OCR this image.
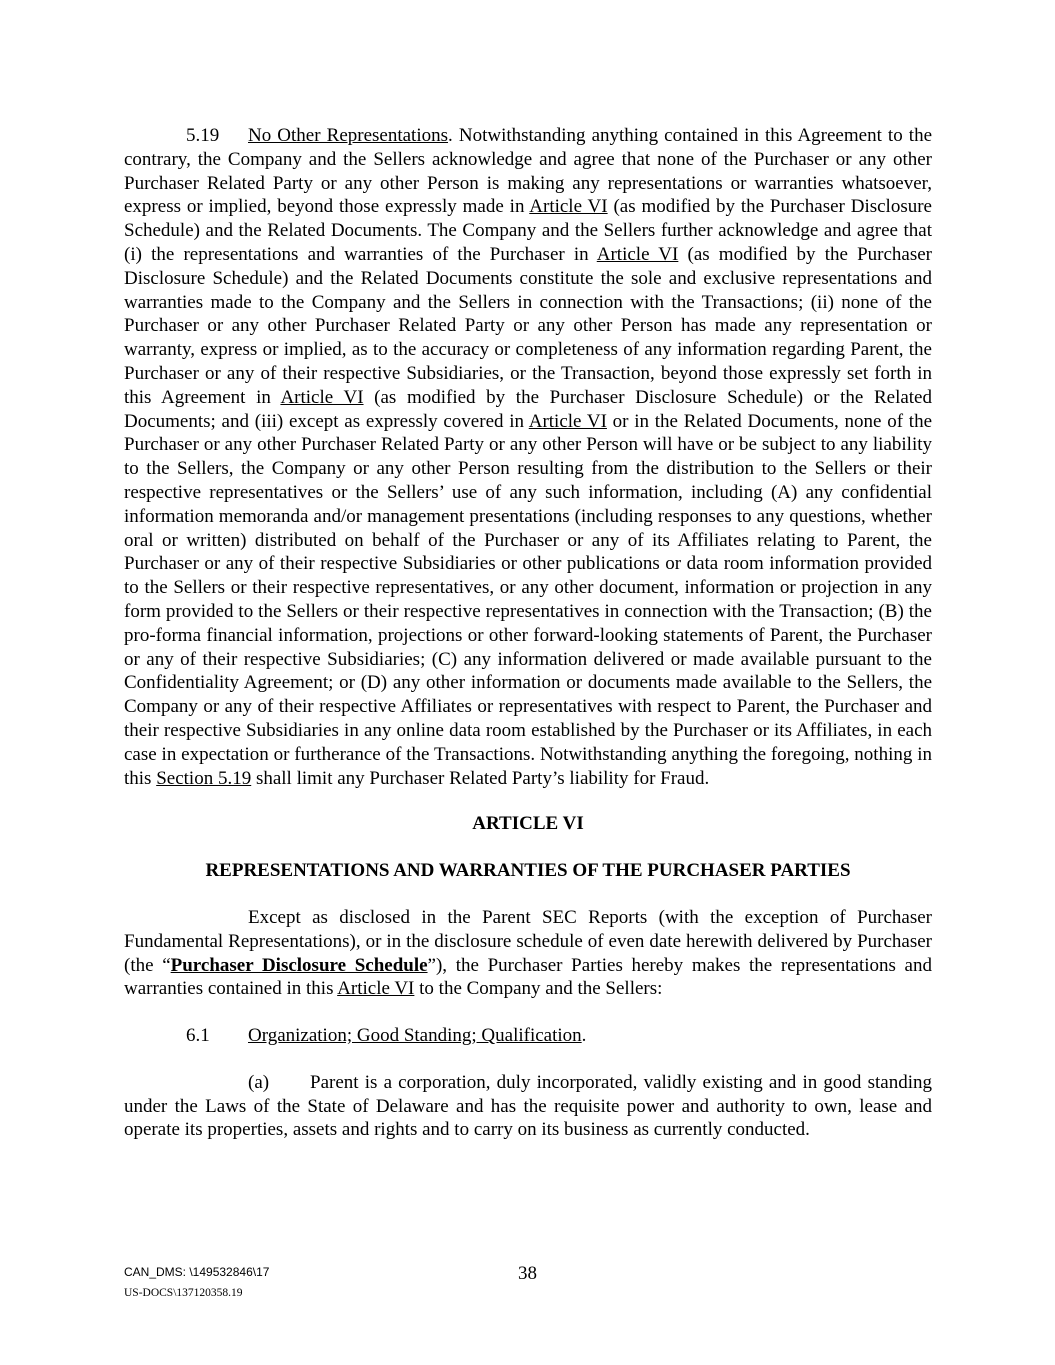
5.19 No Other Representations. Notwithstanding anything contained in this Agreement to the contrary, the Company and the Sellers acknowledge and agree that none of the Purchaser or any other Purchaser Related Party or any other Person is making any representations or warranties whatsoever, express or implied, beyond those expressly made in Article VI (as modified by the Purchaser Disclosure Schedule) and the Related Documents. The Company and the Sellers further acknowledge and agree that (i) the representations and warranties of the Purchaser in Article VI (as modified by the Purchaser Disclosure Schedule) and the Related Documents constitute the sole and exclusive representations and warranties made to the Company and the Sellers in connection with the Transactions; (ii) none of the Purchaser or any other Purchaser Related Party or any other Person has made any representation or warranty, express or implied, as to the accuracy or completeness of any information regarding Parent, the Purchaser or any of their respective Subsidiaries, or the Transaction, beyond those expressly set forth in this Agreement in Article VI (as modified by the Purchaser Disclosure Schedule) or the Related Documents; and (iii) except as expressly covered in Article VI or in the Related Documents, none of the Purchaser or any other Purchaser Related Party or any other Person will have or be subject to any liability to the Sellers, the Company or any other Person resulting from the distribution to the Sellers or their respective representatives or the Sellers’ use of any such information, including (A) any confidential information memoranda and/or management presentations (including responses to any questions, whether oral or written) distributed on behalf of the Purchaser or any of its Affiliates relating to Parent, the Purchaser or any of their respective Subsidiaries or other publications or data room information provided to the Sellers or their respective representatives, or any other document, information or projection in any form provided to the Sellers or their respective representatives in connection with the Transaction; (B) the pro-forma financial information, projections or other forward-looking statements of Parent, the Purchaser or any of their respective Subsidiaries; (C) any information delivered or made available pursuant to the Confidentiality Agreement; or (D) any other information or documents made available to the Sellers, the Company or any of their respective Affiliates or representatives with respect to Parent, the Purchaser and their respective Subsidiaries in any online data room established by the Purchaser or its Affiliates, in each case in expectation or furtherance of the Transactions. Notwithstanding anything the foregoing, nothing in this Section 5.19 shall limit any Purchaser Related Party’s liability for Fraud.

ARTICLE VI
REPRESENTATIONS AND WARRANTIES OF THE PURCHASER PARTIES

Except as disclosed in the Parent SEC Reports (with the exception of Purchaser Fundamental Representations), or in the disclosure schedule of even date herewith delivered by Purchaser (the “Purchaser Disclosure Schedule”), the Purchaser Parties hereby makes the representations and warranties contained in this Article VI to the Company and the Sellers:

6.1 Organization; Good Standing; Qualification.

(a) Parent is a corporation, duly incorporated, validly existing and in good standing under the Laws of the State of Delaware and has the requisite power and authority to own, lease and operate its properties, assets and rights and to carry on its business as currently conducted.

CAN_DMS: \149532846\17	38
US-DOCS\137120358.19
